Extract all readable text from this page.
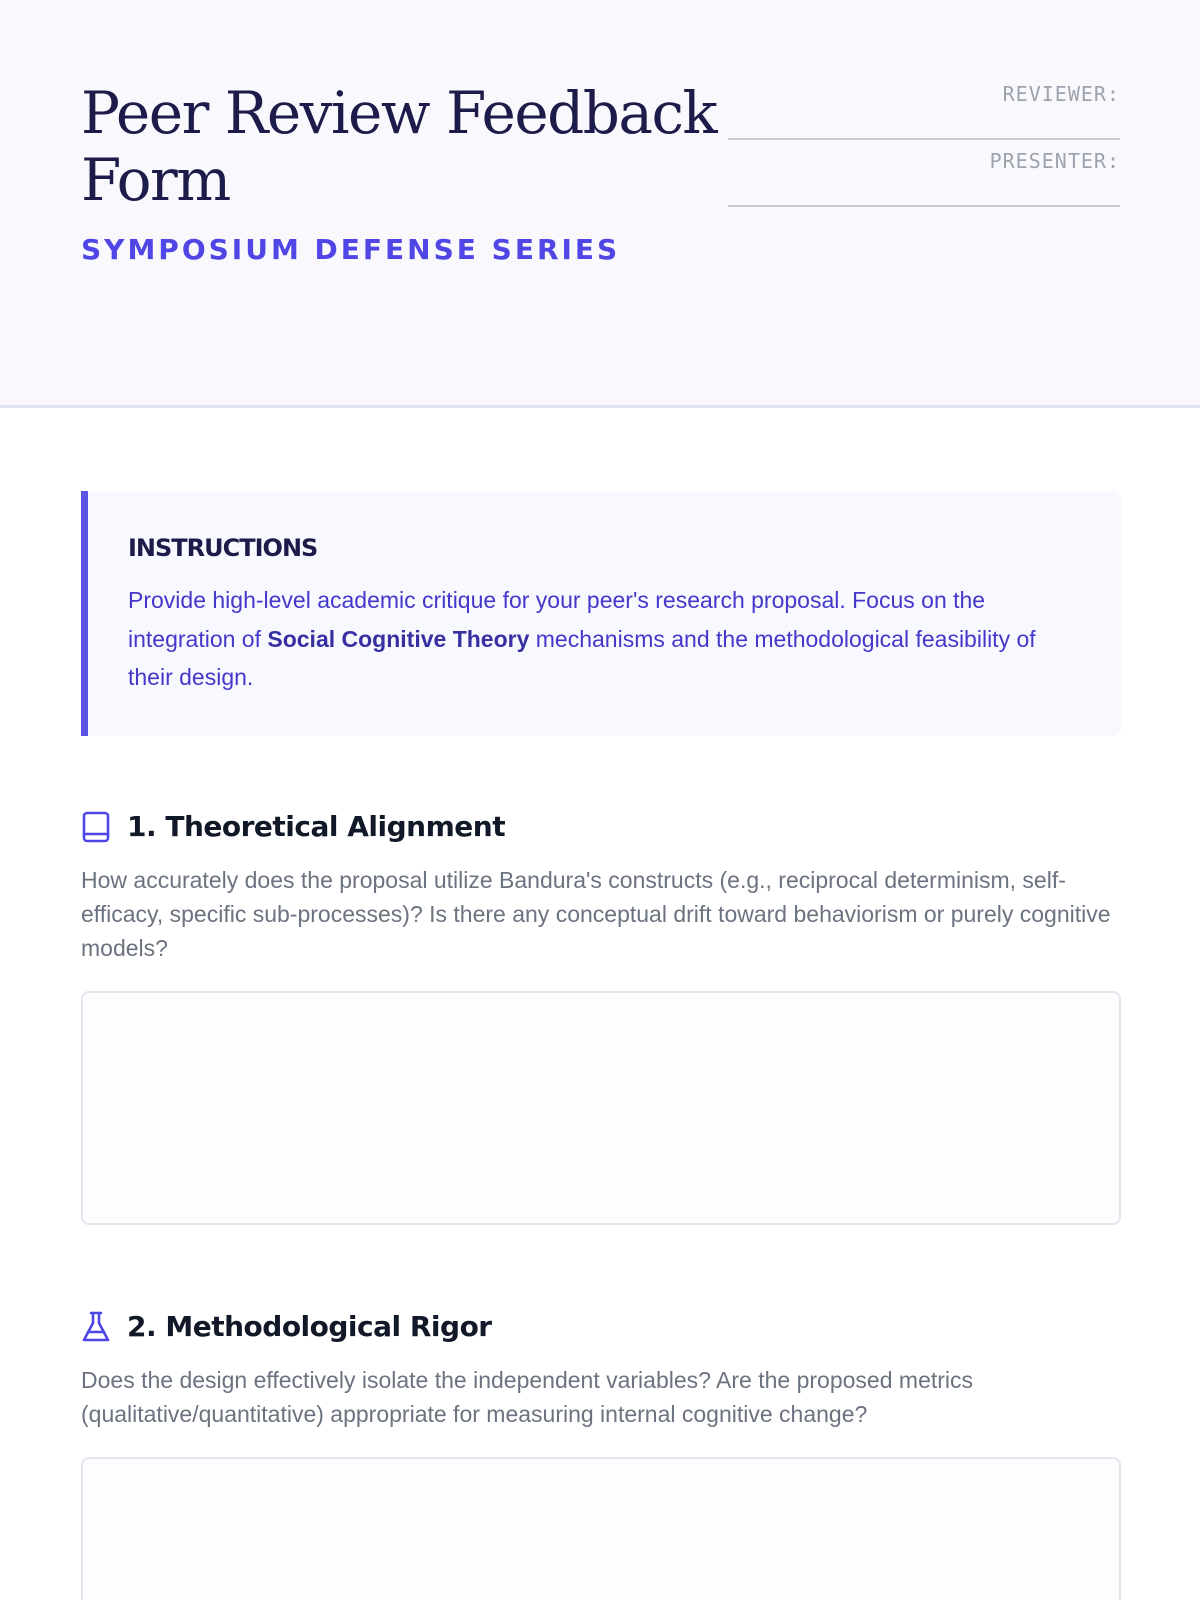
Peer Review Feedback Form
SYMPOSIUM DEFENSE SERIES
REVIEWER:
PRESENTER:
INSTRUCTIONS

Provide high-level academic critique for your peer's research proposal. Focus on the integration of Social Cognitive Theory mechanisms and the methodological feasibility of their design.

1. Theoretical Alignment

How accurately does the proposal utilize Bandura's constructs (e.g., reciprocal determinism, self-efficacy, specific sub-processes)? Is there any conceptual drift toward behaviorism or purely cognitive models?

2. Methodological Rigor

Does the design effectively isolate the independent variables? Are the proposed metrics (qualitative/quantitative) appropriate for measuring internal cognitive change?
